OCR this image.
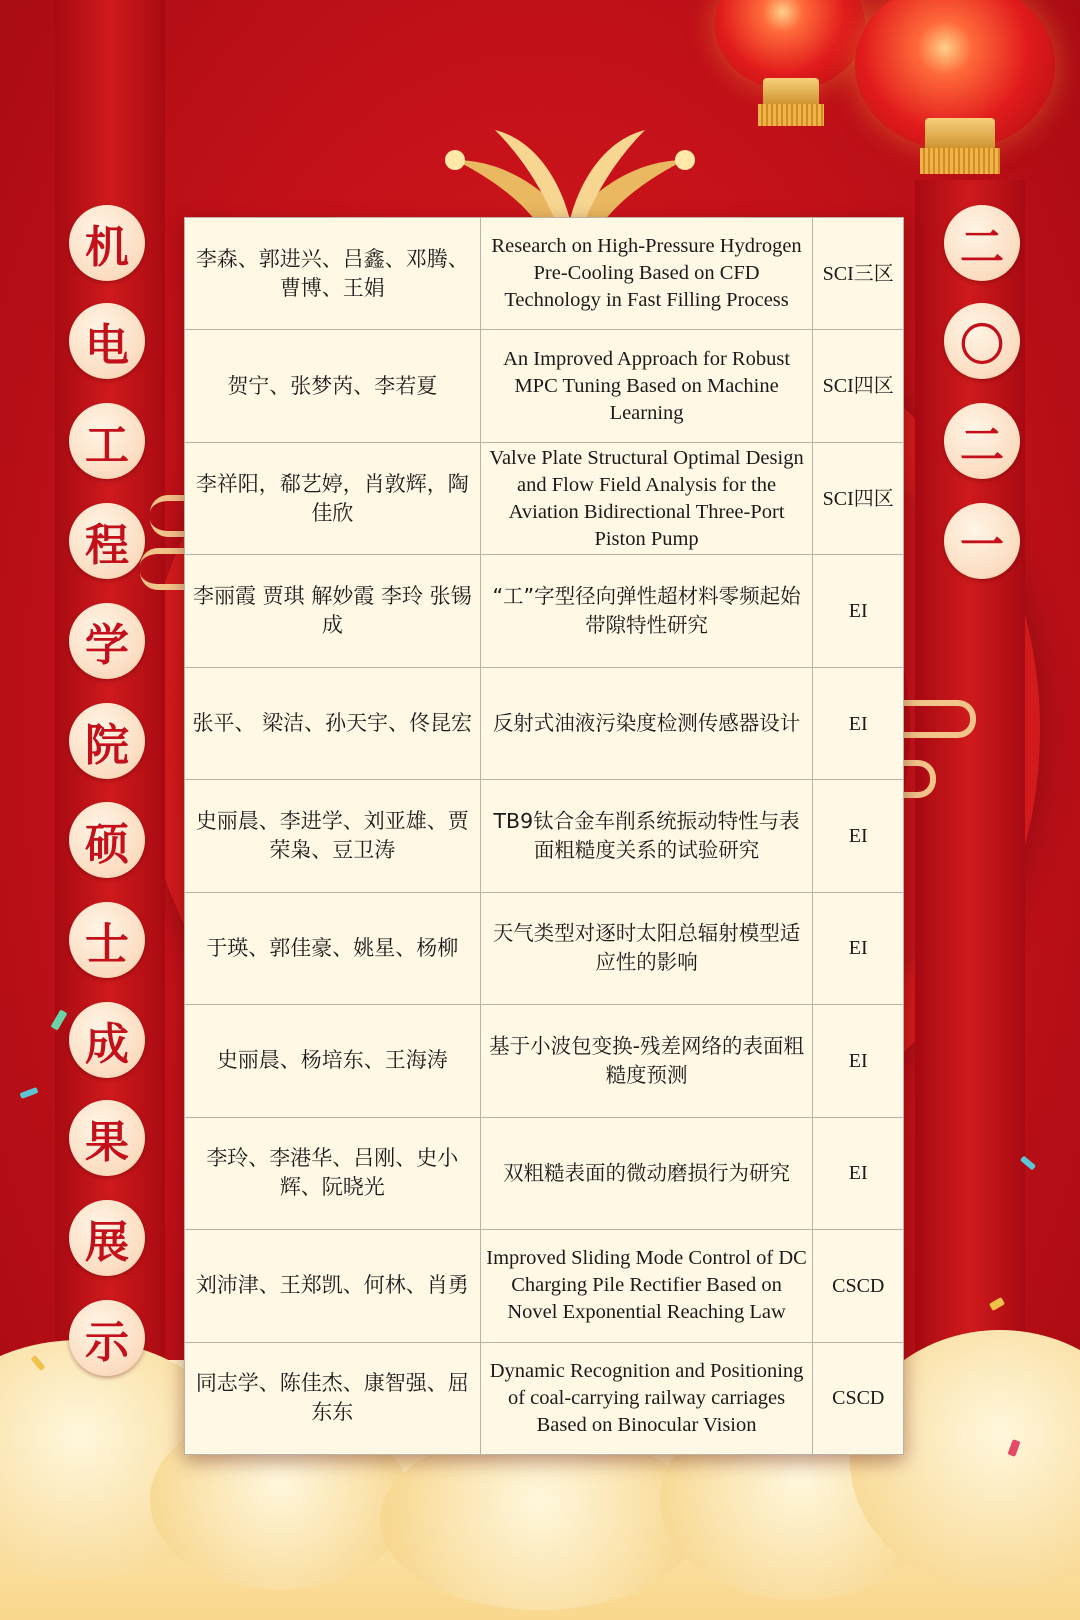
机
电
工
程
学
院
硕
士
成
果
展
示
二
〇
二
一
李森、郭进兴、吕鑫、邓腾、曹博、王娟	Research on High-Pressure Hydrogen Pre-Cooling Based on CFD Technology in Fast Filling Process	SCI三区
贺宁、张梦芮、李若夏	An Improved Approach for Robust MPC Tuning Based on Machine Learning	SCI四区
李祥阳，郗艺婷，肖敦辉，陶佳欣	Valve Plate Structural Optimal Design and Flow Field Analysis for the Aviation Bidirectional Three-Port Piston Pump	SCI四区
李丽霞 贾琪 解妙霞 李玲 张锡成	“工”字型径向弹性超材料零频起始带隙特性研究	EI
张平、 梁洁、孙天宇、佟昆宏	反射式油液污染度检测传感器设计	EI
史丽晨、李进学、刘亚雄、贾荣枭、豆卫涛	TB9钛合金车削系统振动特性与表面粗糙度关系的试验研究	EI
于瑛、郭佳豪、姚星、杨柳	天气类型对逐时太阳总辐射模型适应性的影响	EI
史丽晨、杨培东、王海涛	基于小波包变换-残差网络的表面粗糙度预测	EI
李玲、李港华、吕刚、史小辉、阮晓光	双粗糙表面的微动磨损行为研究	EI
刘沛津、王郑凯、何林、肖勇	Improved Sliding Mode Control of DC Charging Pile Rectifier Based on Novel Exponential Reaching Law	CSCD
同志学、陈佳杰、康智强、屈东东	Dynamic Recognition and Positioning of coal-carrying railway carriages Based on Binocular Vision	CSCD
